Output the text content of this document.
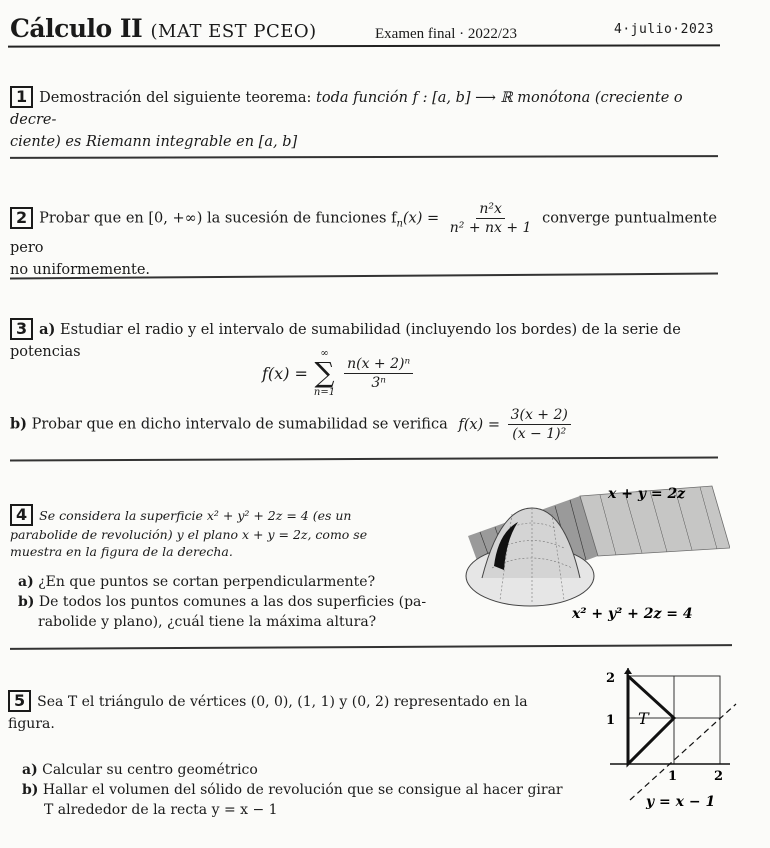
Cálculo II (MAT EST PCEO)	Examen final · 2022/23	4·julio·2023
1 Demostración del siguiente teorema: toda función f : [a, b] ⟶ ℝ monótona (creciente o decre-
ciente) es Riemann integrable en [a, b]
2 Probar que en [0, +∞) la sucesión de funciones $f_n(x) = \frac{\text{n²x}}{\text{n² + nx + 1}}$ converge puntualmente pero
no uniformemente.
3 a) Estudiar el radio y el intervalo de sumabilidad (incluyendo los bordes) de la serie de potencias
f(x) =
∞
∑
n=1
$\frac{\text{n(x + 2)ⁿ}}{\text{3ⁿ}}$
b) Probar que en dicho intervalo de sumabilidad se verifica $f(x) = \frac{3(x + 2)}{\text{(x − 1)²}}$
4 Se considera la superficie x² + y² + 2z = 4 (es un
parabolide de revolución) y el plano x + y = 2z, como se
muestra en la figura de la derecha.
a) ¿En que puntos se cortan perpendicularmente?
b) De todos los puntos comunes a las dos superficies (pa-
rabolide y plano), ¿cuál tiene la máxima altura?
x + y = 2z
x² + y² + 2z = 4
5 Sea T el triángulo de vértices (0, 0), (1, 1) y (0, 2) representado en la
figura.
a) Calcular su centro geométrico
b) Hallar el volumen del sólido de revolución que se consigue al hacer girar
T alrededor de la recta y = x − 1
T
2
1
1	2
y = x − 1
